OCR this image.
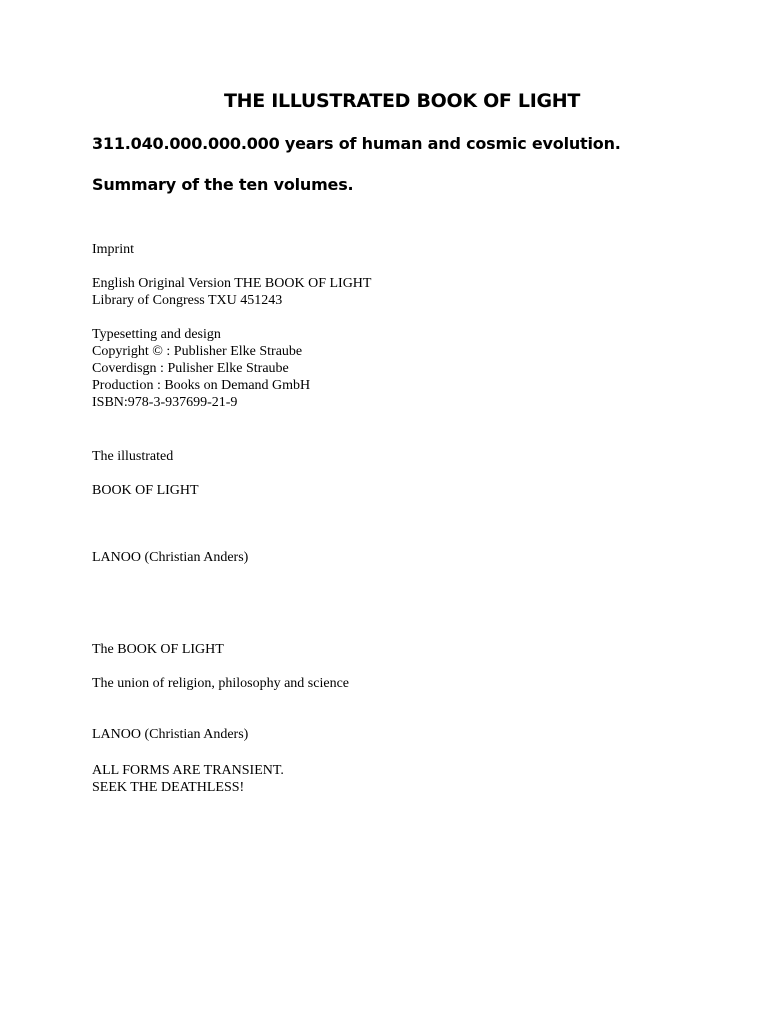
THE ILLUSTRATED BOOK OF LIGHT

311.040.000.000.000 years of human and cosmic evolution.

Summary of the ten volumes.

Imprint

English Original Version THE BOOK OF LIGHT
Library of Congress TXU 451243

Typesetting and design
Copyright © : Publisher Elke Straube
Coverdisgn : Pulisher Elke Straube
Production : Books on Demand GmbH
ISBN:978-3-937699-21-9

The illustrated

BOOK OF LIGHT

LANOO (Christian Anders)

The BOOK OF LIGHT

The union of religion, philosophy and science

LANOO (Christian Anders)

ALL FORMS ARE TRANSIENT.
SEEK THE DEATHLESS!
